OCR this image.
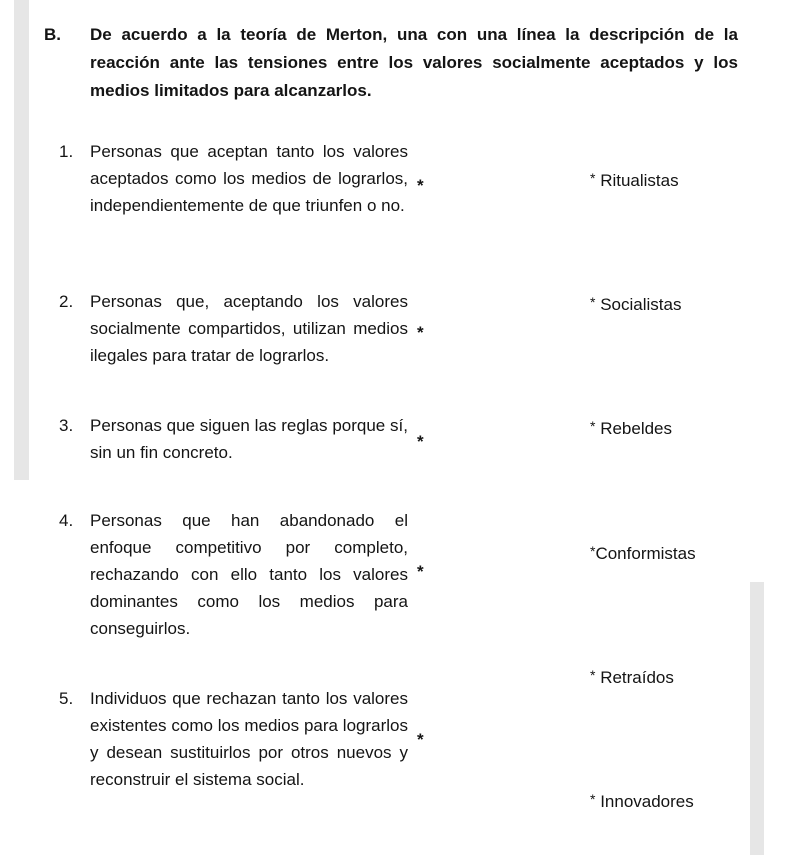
B. De acuerdo a la teoría de Merton, una con una línea la descripción de la reacción ante las tensiones entre los valores socialmente aceptados y los medios limitados para alcanzarlos.

1. Personas que aceptan tanto los valores aceptados como los medios de lograrlos, independientemente de que triunfen o no.
*
2. Personas que, aceptando los valores socialmente compartidos, utilizan medios ilegales para tratar de lograrlos.
*
3. Personas que siguen las reglas porque sí, sin un fin concreto.
*
4. Personas que han abandonado el enfoque competitivo por completo, rechazando con ello tanto los valores dominantes como los medios para conseguirlos.
*
5. Individuos que rechazan tanto los valores existentes como los medios para lograrlos y desean sustituirlos por otros nuevos y reconstruir el sistema social.
*
* Ritualistas
* Socialistas
* Rebeldes
*Conformistas
* Retraídos
* Innovadores
